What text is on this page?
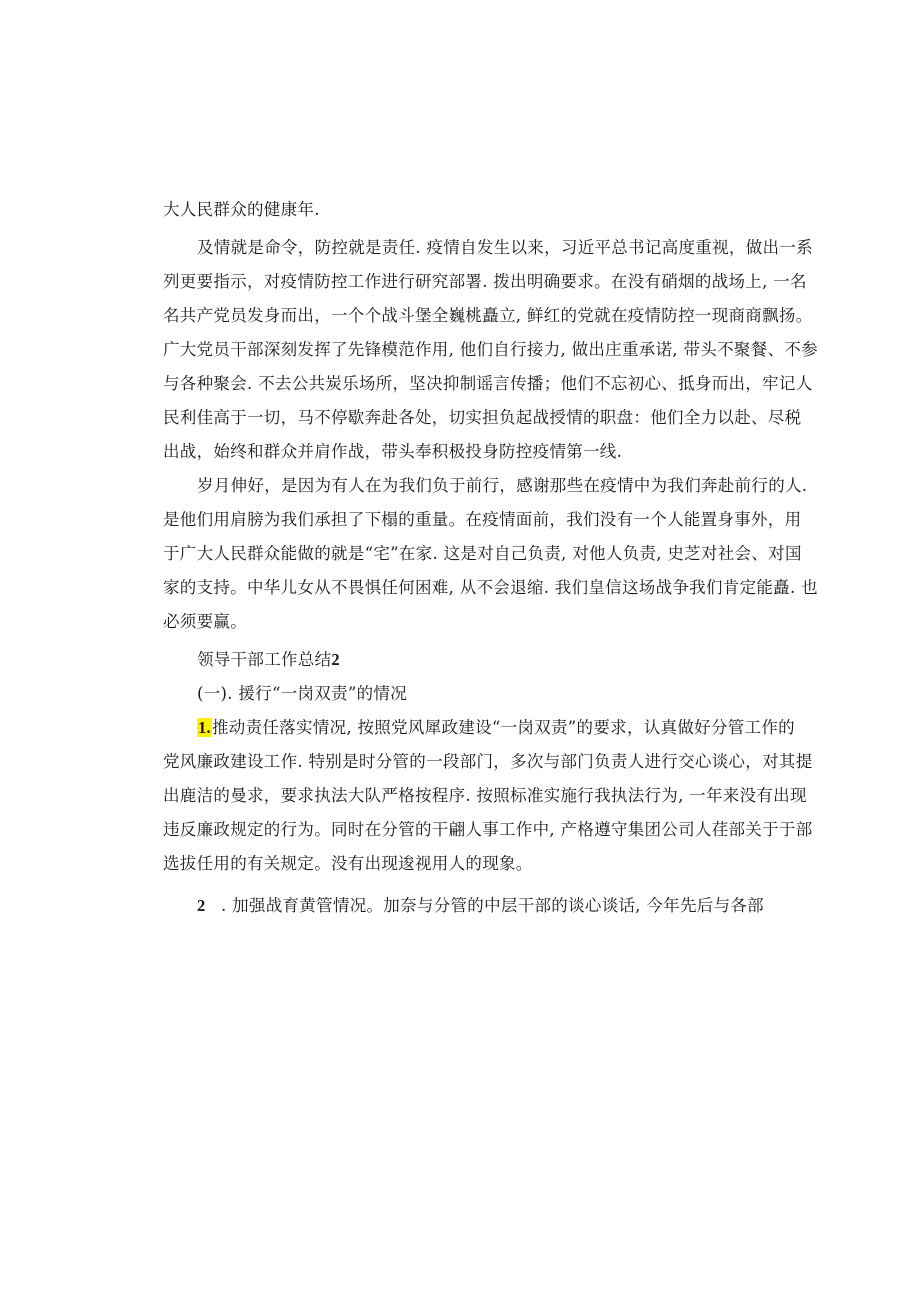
大人民群众的健康年.
及情就是命令，防控就是责任. 疫情自发生以来，习近平总书记高度重视，做出一系
列更要指示，对疫情防控工作进行研究部署. 拨出明确要求。在没有硝烟的战场上, 一名
名共产党员发身而出，一个个战斗堡全巍桃矗立, 鲜红的党就在疫情防控一现商商飘扬。
广大党员干部深刻发挥了先锋模范作用, 他们自行接力, 做出庄重承诺, 带头不聚餐、不参
与各种聚会. 不去公共炭乐场所，坚决抑制谣言传播；他们不忘初心、抵身而出，牢记人
民利佳高于一切，马不停歇奔赴各处，切实担负起战授情的职盘：他们全力以赴、尽税
出战，始终和群众并肩作战，带头奉积极投身防控疫情第一线.
岁月伸好，是因为有人在为我们负于前行，感谢那些在疫情中为我们奔赴前行的人.
是他们用肩膀为我们承担了下榻的重量。在疫情面前，我们没有一个人能置身事外，用
于广大人民群众能做的就是“宅”在家. 这是对自己负责, 对他人负责, 史芝对社会、对国
家的支持。中华儿女从不畏惧任何困难, 从不会退缩. 我们皇信这场战争我们肯定能矗. 也
必须要赢。
领导干部工作总结2
(一). 援行“一岗双责”的情况
1.推动责任落实情况, 按照党风犀政建设“一岗双责”的要求，认真做好分管工作的
党风廉政建设工作. 特别是时分管的一段部门，多次与部门负责人进行交心谈心，对其提
出鹿洁的曼求，要求执法大队严格按程序. 按照标准实施行我执法行为, 一年来没有出现
违反廉政规定的行为。同时在分管的干翩人事工作中, 产格遵守集团公司人荏部关于于部
选拔任用的有关规定。没有出现逡视用人的现象。
2 . 加强战育黄管情况。加奈与分管的中层干部的谈心谈话, 今年先后与各部
